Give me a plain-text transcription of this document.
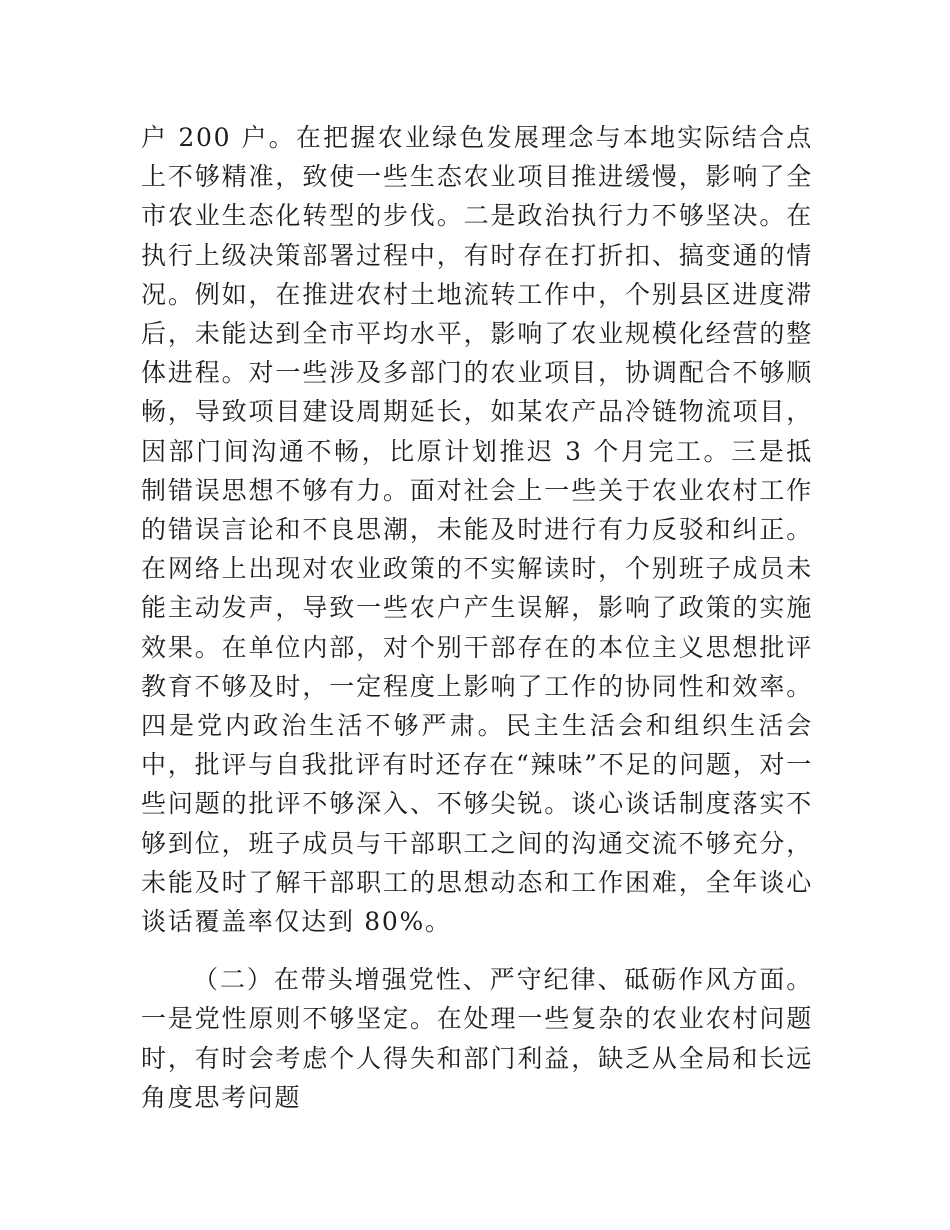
户 200 户。在把握农业绿色发展理念与本地实际结合点上不够精准，致使一些生态农业项目推进缓慢，影响了全市农业生态化转型的步伐。二是政治执行力不够坚决。在执行上级决策部署过程中，有时存在打折扣、搞变通的情况。例如，在推进农村土地流转工作中，个别县区进度滞后，未能达到全市平均水平，影响了农业规模化经营的整体进程。对一些涉及多部门的农业项目，协调配合不够顺畅，导致项目建设周期延长，如某农产品冷链物流项目，因部门间沟通不畅，比原计划推迟 3 个月完工。三是抵制错误思想不够有力。面对社会上一些关于农业农村工作的错误言论和不良思潮，未能及时进行有力反驳和纠正。在网络上出现对农业政策的不实解读时，个别班子成员未能主动发声，导致一些农户产生误解，影响了政策的实施效果。在单位内部，对个别干部存在的本位主义思想批评教育不够及时，一定程度上影响了工作的协同性和效率。四是党内政治生活不够严肃。民主生活会和组织生活会中，批评与自我批评有时还存在“辣味”不足的问题，对一些问题的批评不够深入、不够尖锐。谈心谈话制度落实不够到位，班子成员与干部职工之间的沟通交流不够充分，未能及时了解干部职工的思想动态和工作困难，全年谈心谈话覆盖率仅达到 80%。

（二）在带头增强党性、严守纪律、砥砺作风方面。一是党性原则不够坚定。在处理一些复杂的农业农村问题时，有时会考虑个人得失和部门利益，缺乏从全局和长远角度思考问题
